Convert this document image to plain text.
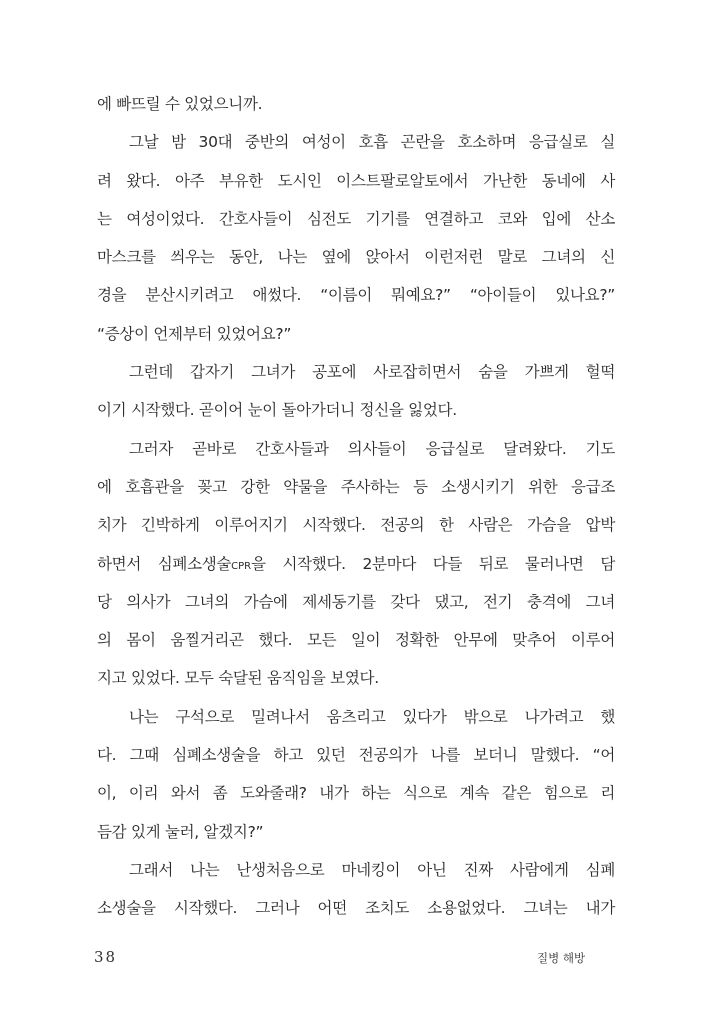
에 빠뜨릴 수 있었으니까.
그날 밤 30대 중반의 여성이 호흡 곤란을 호소하며 응급실로 실
려 왔다. 아주 부유한 도시인 이스트팔로알토에서 가난한 동네에 사
는 여성이었다. 간호사들이 심전도 기기를 연결하고 코와 입에 산소
마스크를 씌우는 동안, 나는 옆에 앉아서 이런저런 말로 그녀의 신
경을 분산시키려고 애썼다. “이름이 뭐예요?” “아이들이 있나요?”
“증상이 언제부터 있었어요?”
그런데 갑자기 그녀가 공포에 사로잡히면서 숨을 가쁘게 헐떡
이기 시작했다. 곧이어 눈이 돌아가더니 정신을 잃었다.
그러자 곧바로 간호사들과 의사들이 응급실로 달려왔다. 기도
에 호흡관을 꽂고 강한 약물을 주사하는 등 소생시키기 위한 응급조
치가 긴박하게 이루어지기 시작했다. 전공의 한 사람은 가슴을 압박
하면서 심폐소생술CPR을 시작했다. 2분마다 다들 뒤로 물러나면 담
당 의사가 그녀의 가슴에 제세동기를 갖다 댔고, 전기 충격에 그녀
의 몸이 움찔거리곤 했다. 모든 일이 정확한 안무에 맞추어 이루어
지고 있었다. 모두 숙달된 움직임을 보였다.
나는 구석으로 밀려나서 움츠리고 있다가 밖으로 나가려고 했
다. 그때 심폐소생술을 하고 있던 전공의가 나를 보더니 말했다. “어
이, 이리 와서 좀 도와줄래? 내가 하는 식으로 계속 같은 힘으로 리
듬감 있게 눌러, 알겠지?”
그래서 나는 난생처음으로 마네킹이 아닌 진짜 사람에게 심폐
소생술을 시작했다. 그러나 어떤 조치도 소용없었다. 그녀는 내가
38	질병 해방
